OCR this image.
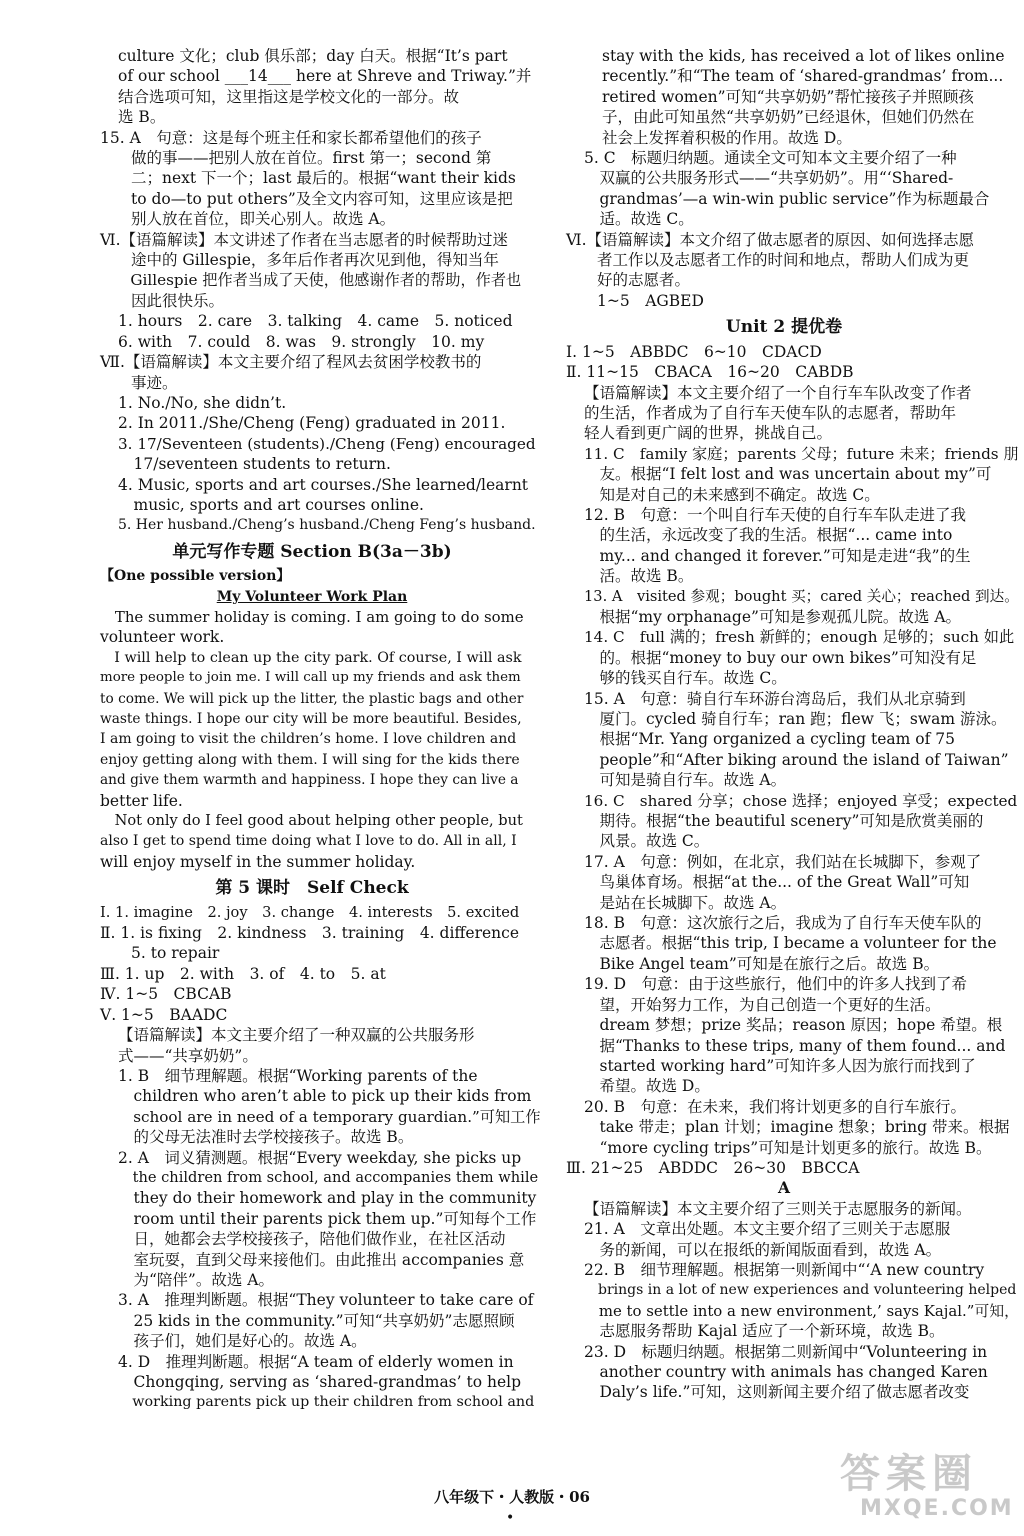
culture 文化；club 俱乐部；day 白天。根据“It’s part
of our school ___14___ here at Shreve and Triway.”并
结合选项可知，这里指这是学校文化的一部分。故
选 B。
15. A　句意：这是每个班主任和家长都希望他们的孩子
　　做的事——把别人放在首位。first 第一；second 第
　　二；next 下一个；last 最后的。根据“want their kids
　　to do—to put others”及全文内容可知，这里应该是把
　　别人放在首位，即关心别人。故选 A。
Ⅵ.【语篇解读】本文讲述了作者在当志愿者的时候帮助过迷
　　途中的 Gillespie，多年后作者再次见到他，得知当年
　　Gillespie 把作者当成了天使，他感谢作者的帮助，作者也
　　因此很快乐。
1. hours　2. care　3. talking　4. came　5. noticed
6. with　7. could　8. was　9. strongly　10. my
Ⅶ.【语篇解读】本文主要介绍了程风去贫困学校教书的
　　事迹。
1. No./No, she didn’t.
2. In 2011./She/Cheng (Feng) graduated in 2011.
3. 17/Seventeen (students)./Cheng (Feng) encouraged
　17/seventeen students to return.
4. Music, sports and art courses./She learned/learnt
　music, sports and art courses online.
5. Her husband./Cheng’s husband./Cheng Feng’s husband.
单元写作专题 Section B(3a－3b)
【One possible version】
My Volunteer Work Plan
　The summer holiday is coming. I am going to do some
volunteer work.
　I will help to clean up the city park. Of course, I will ask
more people to join me. I will call up my friends and ask them
to come. We will pick up the litter, the plastic bags and other
waste things. I hope our city will be more beautiful. Besides,
I am going to visit the children’s home. I love children and
enjoy getting along with them. I will sing for the kids there
and give them warmth and happiness. I hope they can live a
better life.
　Not only do I feel good about helping other people, but
also I get to spend time doing what I love to do. All in all, I
will enjoy myself in the summer holiday.
第 5 课时　Self Check
Ⅰ. 1. imagine　2. joy　3. change　4. interests　5. excited
Ⅱ. 1. is fixing　2. kindness　3. training　4. difference
　　5. to repair
Ⅲ. 1. up　2. with　3. of　4. to　5. at
Ⅳ. 1~5　CBCAB
Ⅴ. 1~5　BAADC
【语篇解读】本文主要介绍了一种双赢的公共服务形
式——“共享奶奶”。
1. B　细节理解题。根据“Working parents of the
　children who aren’t able to pick up their kids from
　school are in need of a temporary guardian.”可知工作
　的父母无法准时去学校接孩子。故选 B。
2. A　词义猜测题。根据“Every weekday, she picks up
　the children from school, and accompanies them while
　they do their homework and play in the community
　room until their parents pick them up.”可知每个工作
　日，她都会去学校接孩子，陪他们做作业，在社区活动
　室玩耍，直到父母来接他们。由此推出 accompanies 意
　为“陪伴”。故选 A。
3. A　推理判断题。根据“They volunteer to take care of
　25 kids in the community.”可知“共享奶奶”志愿照顾
　孩子们，她们是好心的。故选 A。
4. D　推理判断题。根据“A team of elderly women in
　Chongqing, serving as ‘shared-grandmas’ to help
　working parents pick up their children from school and
stay with the kids, has received a lot of likes online
recently.”和“The team of ‘shared-grandmas’ from...
retired women”可知“共享奶奶”帮忙接孩子并照顾孩
子，由此可知虽然“共享奶奶”已经退休，但她们仍然在
社会上发挥着积极的作用。故选 D。
5. C　标题归纳题。通读全文可知本文主要介绍了一种
　双赢的公共服务形式——“共享奶奶”。用“‘Shared-
　grandmas’—a win-win public service”作为标题最合
　适。故选 C。
Ⅵ.【语篇解读】本文介绍了做志愿者的原因、如何选择志愿
　　者工作以及志愿者工作的时间和地点，帮助人们成为更
　　好的志愿者。
　　1~5　AGBED
Unit 2 提优卷
Ⅰ. 1~5　ABBDC　6~10　CDACD
Ⅱ. 11~15　CBACA　16~20　CABDB
【语篇解读】本文主要介绍了一个自行车车队改变了作者
的生活，作者成为了自行车天使车队的志愿者，帮助年
轻人看到更广阔的世界，挑战自己。
11. C　family 家庭；parents 父母；future 未来；friends 朋
　友。根据“I felt lost and was uncertain about my”可
　知是对自己的未来感到不确定。故选 C。
12. B　句意：一个叫自行车天使的自行车车队走进了我
　的生活，永远改变了我的生活。根据“... came into
　my... and changed it forever.”可知是走进“我”的生
　活。故选 B。
13. A　visited 参观；bought 买；cared 关心；reached 到达。
　根据“my orphanage”可知是参观孤儿院。故选 A。
14. C　full 满的；fresh 新鲜的；enough 足够的；such 如此
　的。根据“money to buy our own bikes”可知没有足
　够的钱买自行车。故选 C。
15. A　句意：骑自行车环游台湾岛后，我们从北京骑到
　厦门。cycled 骑自行车；ran 跑；flew 飞；swam 游泳。
　根据“Mr. Yang organized a cycling team of 75
　people”和“After biking around the island of Taiwan”
　可知是骑自行车。故选 A。
16. C　shared 分享；chose 选择；enjoyed 享受；expected
　期待。根据“the beautiful scenery”可知是欣赏美丽的
　风景。故选 C。
17. A　句意：例如，在北京，我们站在长城脚下，参观了
　鸟巢体育场。根据“at the... of the Great Wall”可知
　是站在长城脚下。故选 A。
18. B　句意：这次旅行之后，我成为了自行车天使车队的
　志愿者。根据“this trip, I became a volunteer for the
　Bike Angel team”可知是在旅行之后。故选 B。
19. D　句意：由于这些旅行，他们中的许多人找到了希
　望，开始努力工作，为自己创造一个更好的生活。
　dream 梦想；prize 奖品；reason 原因；hope 希望。根
　据“Thanks to these trips, many of them found... and
　started working hard”可知许多人因为旅行而找到了
　希望。故选 D。
20. B　句意：在未来，我们将计划更多的自行车旅行。
　take 带走；plan 计划；imagine 想象；bring 带来。根据
　“more cycling trips”可知是计划更多的旅行。故选 B。
Ⅲ. 21~25　ABDDC　26~30　BBCCA
A
【语篇解读】本文主要介绍了三则关于志愿服务的新闻。
21. A　文章出处题。本文主要介绍了三则关于志愿服
　务的新闻，可以在报纸的新闻版面看到，故选 A。
22. B　细节理解题。根据第一则新闻中“‘A new country
　brings in a lot of new experiences and volunteering helped
　me to settle into a new environment,’ says Kajal.”可知，
　志愿服务帮助 Kajal 适应了一个新环境，故选 B。
23. D　标题归纳题。根据第二则新闻中“Volunteering in
　another country with animals has changed Karen
　Daly’s life.”可知，这则新闻主要介绍了做志愿者改变
八年级下・人教版・06
•
答案圈
MXQE.COM
